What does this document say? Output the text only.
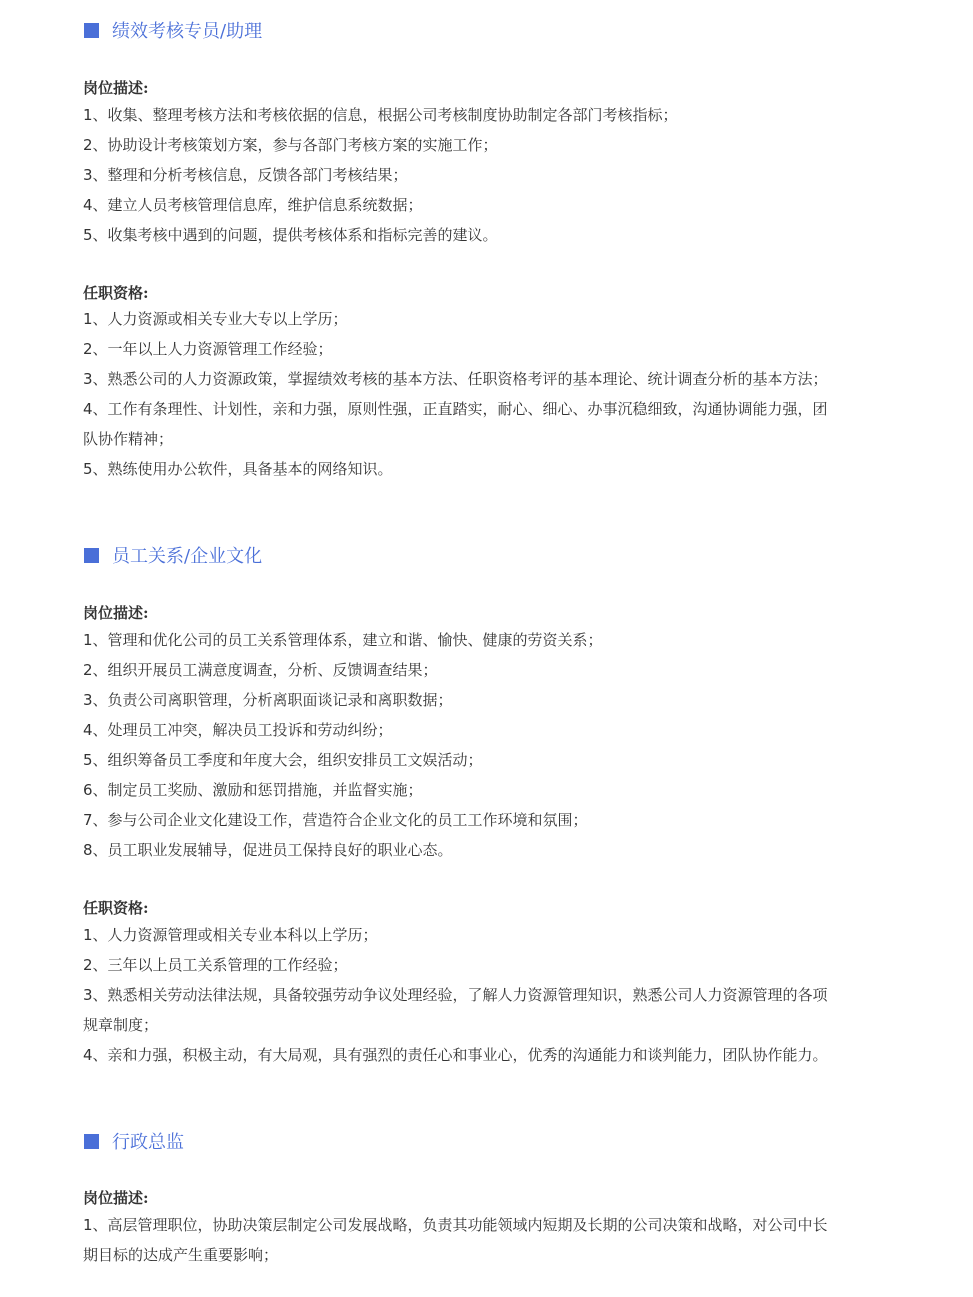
绩效考核专员/助理
岗位描述:
1、收集、整理考核方法和考核依据的信息，根据公司考核制度协助制定各部门考核指标；
2、协助设计考核策划方案，参与各部门考核方案的实施工作；
3、整理和分析考核信息，反馈各部门考核结果；
4、建立人员考核管理信息库，维护信息系统数据；
5、收集考核中遇到的问题，提供考核体系和指标完善的建议。
任职资格:
1、人力资源或相关专业大专以上学历；
2、一年以上人力资源管理工作经验；
3、熟悉公司的人力资源政策，掌握绩效考核的基本方法、任职资格考评的基本理论、统计调查分析的基本方法；
4、工作有条理性、计划性，亲和力强，原则性强，正直踏实，耐心、细心、办事沉稳细致，沟通协调能力强，团队协作精神；
5、熟练使用办公软件，具备基本的网络知识。
员工关系/企业文化
岗位描述:
1、管理和优化公司的员工关系管理体系，建立和谐、愉快、健康的劳资关系；
2、组织开展员工满意度调查，分析、反馈调查结果；
3、负责公司离职管理，分析离职面谈记录和离职数据；
4、处理员工冲突，解决员工投诉和劳动纠纷；
5、组织筹备员工季度和年度大会，组织安排员工文娱活动；
6、制定员工奖励、激励和惩罚措施，并监督实施；
7、参与公司企业文化建设工作，营造符合企业文化的员工工作环境和氛围；
8、员工职业发展辅导，促进员工保持良好的职业心态。
任职资格:
1、人力资源管理或相关专业本科以上学历；
2、三年以上员工关系管理的工作经验；
3、熟悉相关劳动法律法规，具备较强劳动争议处理经验，了解人力资源管理知识，熟悉公司人力资源管理的各项规章制度；
4、亲和力强，积极主动，有大局观，具有强烈的责任心和事业心，优秀的沟通能力和谈判能力，团队协作能力。
行政总监
岗位描述:
1、高层管理职位，协助决策层制定公司发展战略，负责其功能领域内短期及长期的公司决策和战略，对公司中长期目标的达成产生重要影响；
